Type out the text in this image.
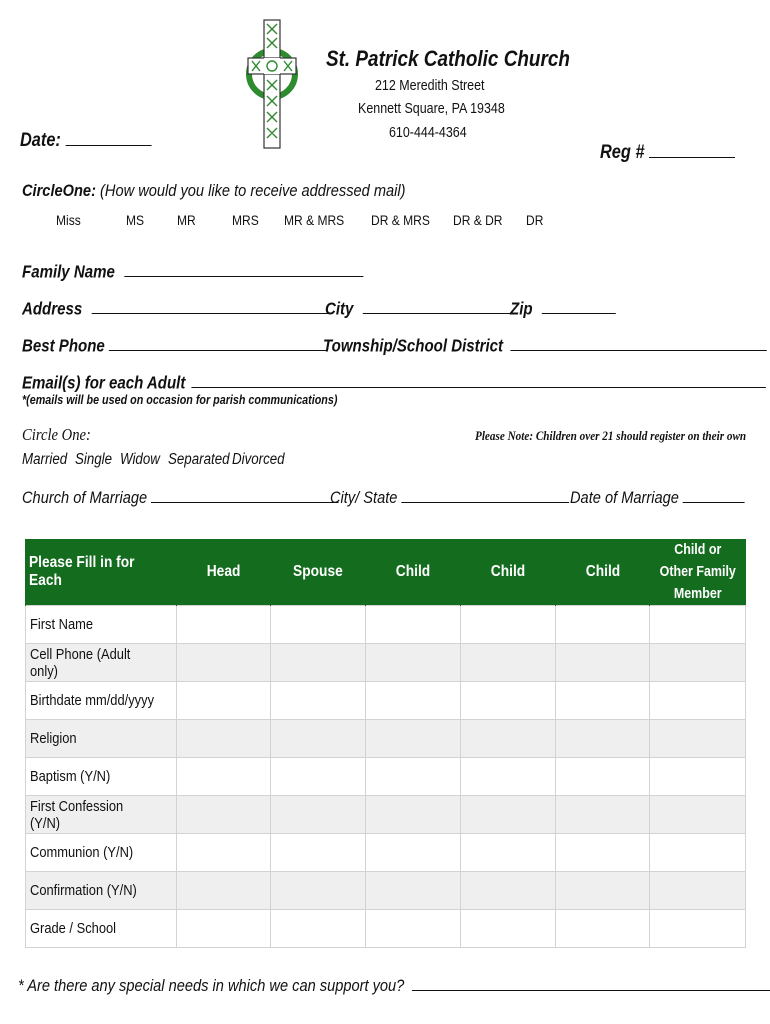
St. Patrick Catholic Church
212 Meredith Street
Kennett Square, PA 19348
610-444-4364
Date:
Reg #
CircleOne: (How would you like to receive addressed mail)
Miss	MS MR	MRS MR & MRS DR & MRS DR & DR DR
Family Name
Address	City	Zip
Best Phone	Township/School District
Email(s) for each Adult
*(emails will be used on occasion for parish communications)
Circle One:	Please Note: Children over 21 should register on their own
Married Single Widow Separated Divorced
Church of Marriage	City/ State	Date of Marriage
Please Fill in for Each	Head	Spouse	Child	Child	Child	Child or Other Family Member
First Name						
Cell Phone (Adult only)						
Birthdate mm/dd/yyyy						
Religion						
Baptism (Y/N)						
First Confession (Y/N)						
Communion (Y/N)						
Confirmation (Y/N)						
Grade / School						
* Are there any special needs in which we can support you?
